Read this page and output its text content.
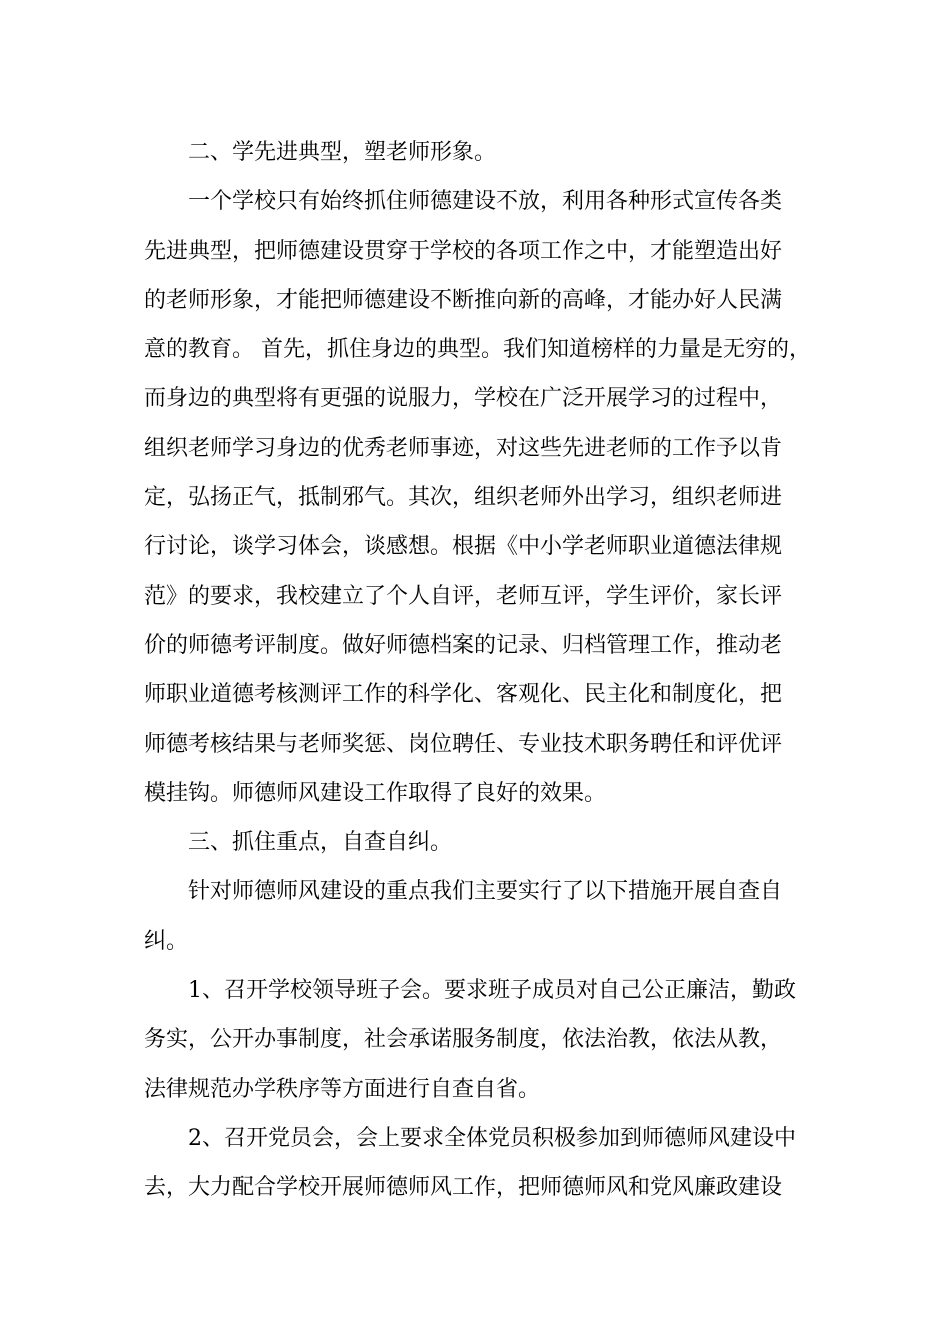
二、学先进典型，塑老师形象。

一个学校只有始终抓住师德建设不放，利用各种形式宣传各类
先进典型，把师德建设贯穿于学校的各项工作之中，才能塑造出好
的老师形象，才能把师德建设不断推向新的高峰，才能办好人民满
意的教育。 首先，抓住身边的典型。我们知道榜样的力量是无穷的，
而身边的典型将有更强的说服力，学校在广泛开展学习的过程中，
组织老师学习身边的优秀老师事迹，对这些先进老师的工作予以肯
定，弘扬正气，抵制邪气。其次，组织老师外出学习，组织老师进
行讨论，谈学习体会，谈感想。根据《中小学老师职业道德法律规
范》的要求，我校建立了个人自评，老师互评，学生评价，家长评
价的师德考评制度。做好师德档案的记录、归档管理工作，推动老
师职业道德考核测评工作的科学化、客观化、民主化和制度化，把
师德考核结果与老师奖惩、岗位聘任、专业技术职务聘任和评优评
模挂钩。师德师风建设工作取得了良好的效果。

三、抓住重点，自查自纠。

针对师德师风建设的重点我们主要实行了以下措施开展自查自
纠。

1、召开学校领导班子会。要求班子成员对自己公正廉洁，勤政
务实，公开办事制度，社会承诺服务制度，依法治教，依法从教，
法律规范办学秩序等方面进行自查自省。

2、召开党员会，会上要求全体党员积极参加到师德师风建设中
去，大力配合学校开展师德师风工作，把师德师风和党风廉政建设
